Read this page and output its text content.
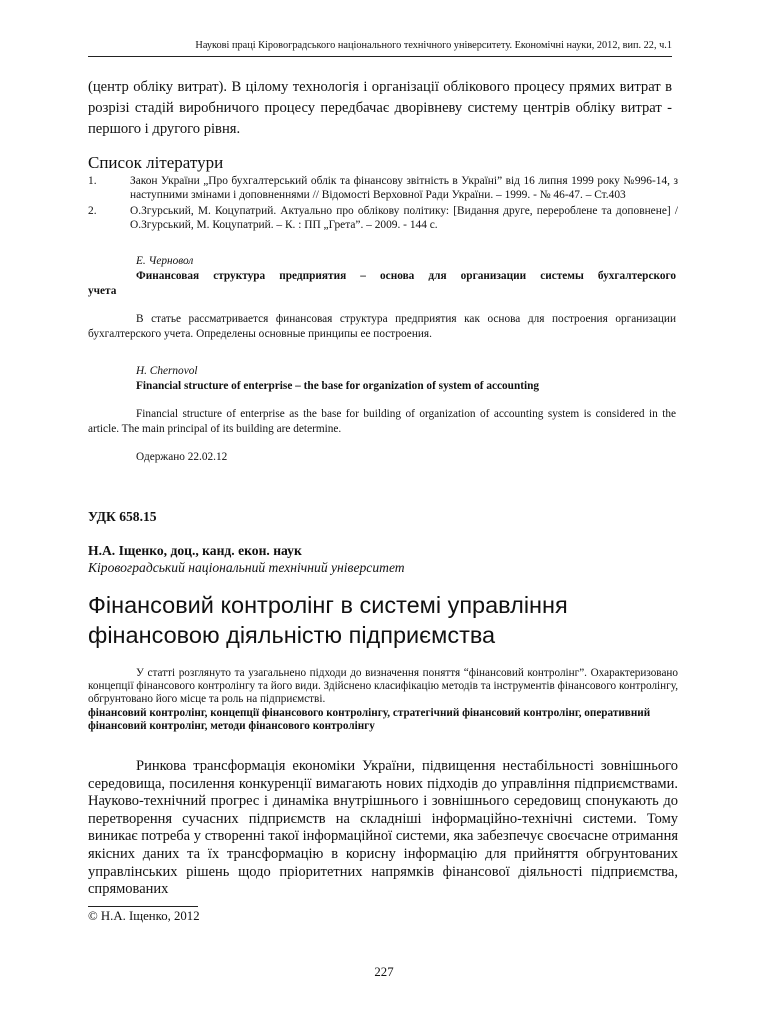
Наукові праці Кіровоградського національного технічного університету. Економічні науки, 2012, вип. 22, ч.1
(центр обліку витрат). В цілому технологія і організації облікового процесу прямих витрат в розрізі стадій виробничого процесу передбачає дворівневу систему центрів обліку витрат - першого і другого рівня.
Список літератури
1.	Закон України „Про бухгалтерський облік та фінансову звітність в Україні” від 16 липня 1999 року №996-14, з наступними змінами і доповненнями // Відомості Верховної Ради України. – 1999. - № 46-47. – Ст.403
2.	О.Згурський, М. Коцупатрий. Актуально про облікову політику: [Видання друге, перероблене та доповнене] / О.Згурський, М. Коцупатрий. – К. : ПП „Грета”. – 2009. - 144 с.
Е. Черновол
Финансовая структура предприятия – основа для организации системы бухгалтерского
учета
В статье рассматривается финансовая структура предприятия как основа для построения организации бухгалтерского учета. Определены основные принципы ее построения.
H. Chernovol
Financial structure of enterprise – the base for organization of system of accounting
Financial structure of enterprise as the base for building of organization of accounting system is considered in the article. The main principal of its building are determine.
Одержано 22.02.12
УДК 658.15
Н.А. Іщенко, доц., канд. екон. наук
Кіровоградський національний технічний університет
Фінансовий контролінг в системі управління
фінансовою діяльністю підприємства
У статті розглянуто та узагальнено підходи до визначення поняття “фінансовий контролінг”. Охарактеризовано концепції фінансового контролінгу та його види. Здійснено класифікацію методів та інструментів фінансового контролінгу, обгрунтовано його місце та роль на підприємстві.
фінансовий контролінг, концепції фінансового контролінгу, стратегічний фінансовий контролінг, оперативний фінансовий контролінг, методи фінансового контролінгу
Ринкова трансформація економіки України, підвищення нестабільності зовнішнього середовища, посилення конкуренції вимагають нових підходів до управління підприємствами. Науково-технічний прогрес і динаміка внутрішнього і зовнішнього середовищ спонукають до перетворення сучасних підприємств на складніші інформаційно-технічні системи. Тому виникає потреба у створенні такої інформаційної системи, яка забезпечує своєчасне отримання якісних даних та їх трансформацію в корисну інформацію для прийняття обгрунтованих управлінських рішень щодо пріоритетних напрямків фінансової діяльності підприємства, спрямованих
© Н.А. Іщенко, 2012
227
